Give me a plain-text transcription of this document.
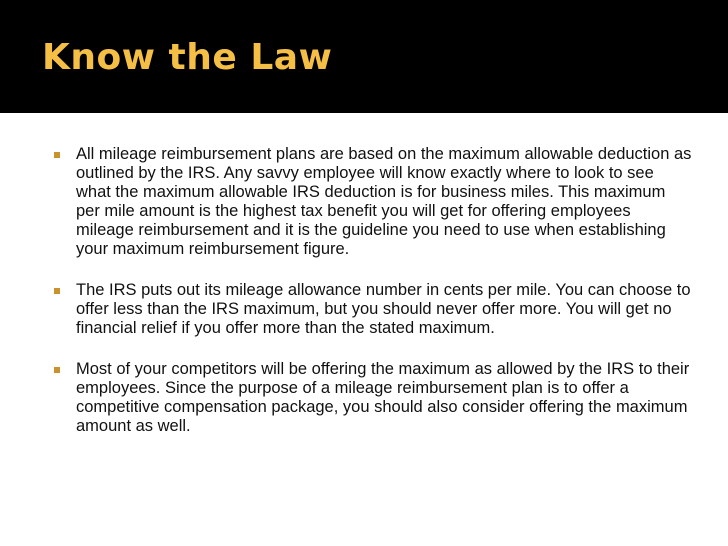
Know the Law
All mileage reimbursement plans are based on the maximum allowable deduction as outlined by the IRS. Any savvy employee will know exactly where to look to see what the maximum allowable IRS deduction is for business miles. This maximum per mile amount is the highest tax benefit you will get for offering employees mileage reimbursement and it is the guideline you need to use when establishing your maximum reimbursement figure.
The IRS puts out its mileage allowance number in cents per mile. You can choose to offer less than the IRS maximum, but you should never offer more. You will get no financial relief if you offer more than the stated maximum.
Most of your competitors will be offering the maximum as allowed by the IRS to their employees. Since the purpose of a mileage reimbursement plan is to offer a competitive compensation package, you should also consider offering the maximum amount as well.
